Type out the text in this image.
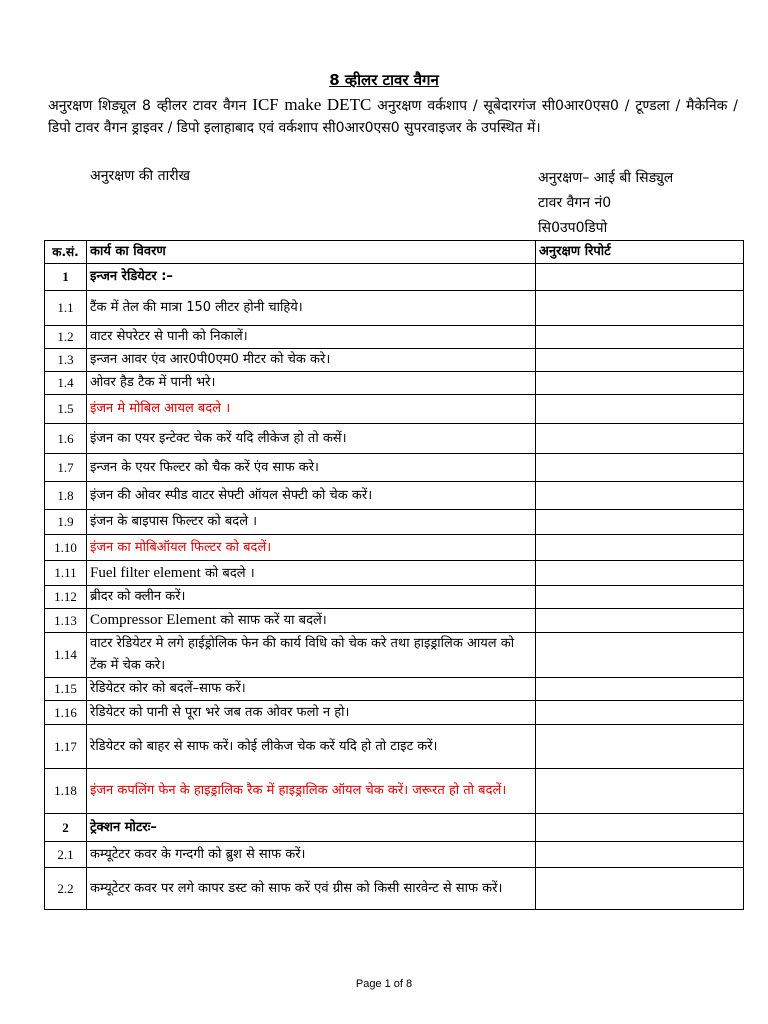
8 व्हीलर टावर वैगन
अनुरक्षण शिड्यूल 8 व्हीलर टावर वैगन ICF make DETC अनुरक्षण वर्कशाप / सूबेदारगंज सी0आर0एस0 / टूण्डला / मैकेनिक / डिपो टावर वैगन ड्राइवर / डिपो इलाहाबाद एवं वर्कशाप सी0आर0एस0 सुपरवाइजर के उपस्थित में।
अनुरक्षण की तारीख	अनुरक्षण– आई बी सिड्युल
टावर वैगन नं0
सि0उप0डिपो
क.सं.	कार्य का विवरण	अनुरक्षण रिपोर्ट
1	इन्जन रेडियेटर :–	
1.1	टैंक में तेल की मात्रा 150 लीटर होनी चाहिये।	
1.2	वाटर सेपरेटर से पानी को निकालें।	
1.3	इन्जन आवर एंव आर0पी0एम0 मीटर को चेक करे।	
1.4	ओवर हैड टैक में पानी भरे।	
1.5	इंजन मे मोबिल आयल बदले ।	
1.6	इंजन का एयर इन्टेक्ट चेक करें यदि लीकेज हो तो कसें।	
1.7	इन्जन के एयर फिल्टर को चैक करें एंव साफ करे।	
1.8	इंजन की ओवर स्पीड वाटर सेफ्टी ऑयल सेफ्टी को चेक करें।	
1.9	इंजन के बाइपास फिल्टर को बदले ।	
1.10	इंजन का मोबिऑयल फिल्टर को बदलें।	
1.11	Fuel filter element को बदले ।	
1.12	ब्रीदर को क्लीन करें।	
1.13	Compressor Element को साफ करें या बदलें।	
1.14	वाटर रेडियेटर मे लगे हाईड्रोलिक फेन की कार्य विधि को चेक करे तथा हाइड्रालिक आयल को टेंक में चेक करे।	
1.15	रेडियेटर कोर को बदलें–साफ करें।	
1.16	रेडियेटर को पानी से पूरा भरे जब तक ओवर फलो न हो।	
1.17	रेडियेटर को बाहर से साफ करें। कोई लीकेज चेक करें यदि हो तो टाइट करें।	
1.18	इंजन कपलिंग फेन के हाइड्रालिक रैक में हाइड्रालिक ऑयल चेक करें। जरूरत हो तो बदलें।	
2	ट्रेक्शन मोटरः–	
2.1	कम्यूटेटर कवर के गन्दगी को ब्रुश से साफ करें।	
2.2	कम्यूटेटर कवर पर लगे कापर डस्ट को साफ करें एवं ग्रीस को किसी सारवेन्ट से साफ करें।	
Page 1 of 8
